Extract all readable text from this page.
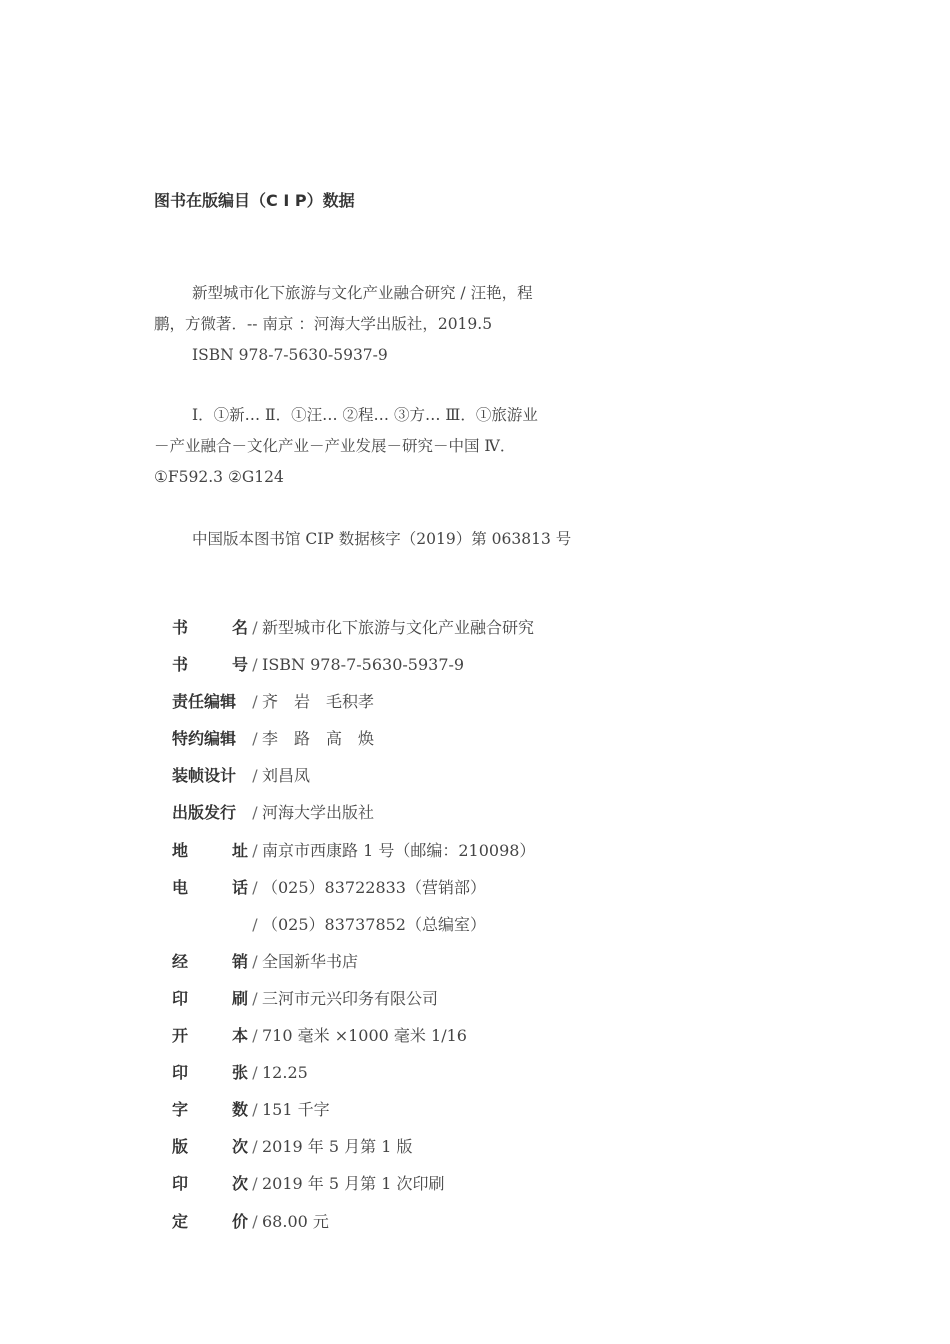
图书在版编目（C I P）数据
新型城市化下旅游与文化产业融合研究 / 汪艳，程
鹏，方微著．-- 南京 ：河海大学出版社，2019.5
ISBN 978-7-5630-5937-9
Ⅰ．①新… Ⅱ．①汪… ②程… ③方… Ⅲ．①旅游业
－产业融合－文化产业－产业发展－研究－中国 Ⅳ．
①F592.3 ②G124
中国版本图书馆 CIP 数据核字（2019）第 063813 号
书	名 / 新型城市化下旅游与文化产业融合研究
书	号 / ISBN 978-7-5630-5937-9
责任编辑 / 齐　岩　毛积孝
特约编辑 / 李　路　高　焕
装帧设计 / 刘昌凤
出版发行 / 河海大学出版社
地	址 / 南京市西康路 1 号（邮编：210098）
电	话 / （025）83722833（营销部）
/ （025）83737852（总编室）
经	销 / 全国新华书店
印	刷 / 三河市元兴印务有限公司
开	本 / 710 毫米 ×1000 毫米 1/16
印	张 / 12.25
字	数 / 151 千字
版	次 / 2019 年 5 月第 1 版
印	次 / 2019 年 5 月第 1 次印刷
定	价 / 68.00 元
